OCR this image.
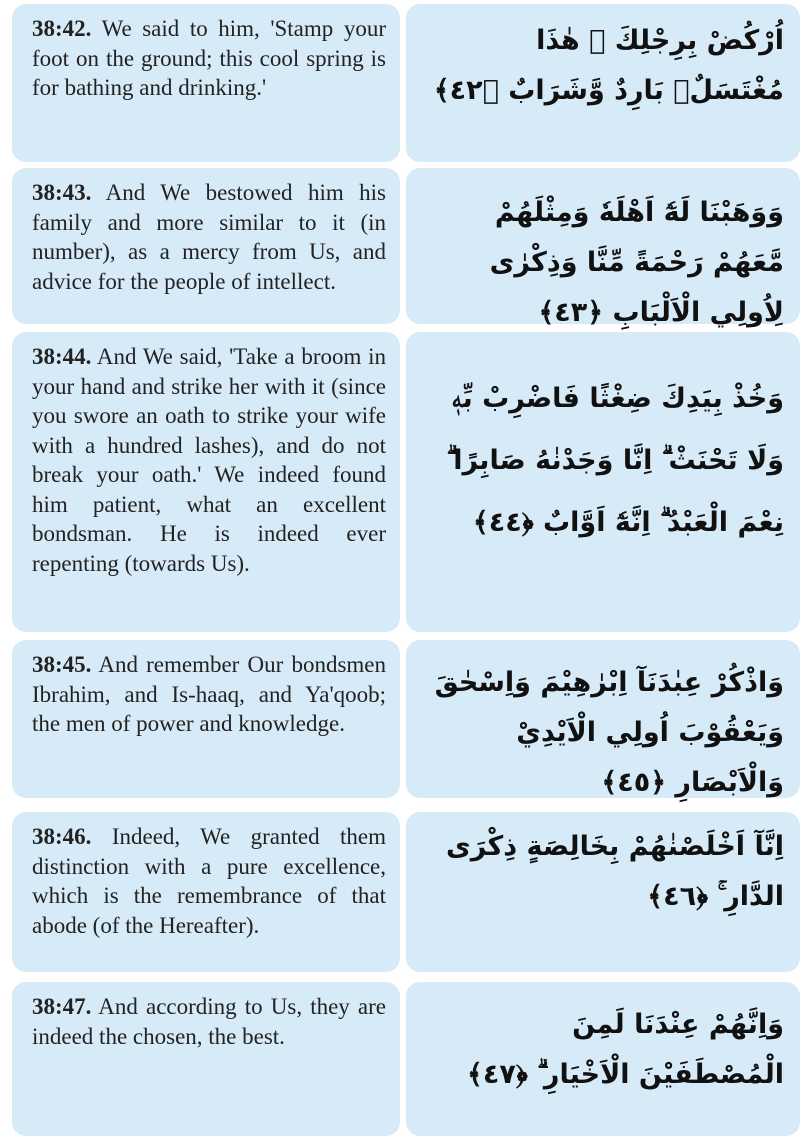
38:42. We said to him, 'Stamp your foot on the ground; this cool spring is for bathing and drinking.'

اُرْكُضْ بِرِجْلِكَ ۚ هٰذَا مُغْتَسَلٌۢ بَارِدٌ وَّشَرَابٌ ﴿٤٢﴾

38:43. And We bestowed him his family and more similar to it (in number), as a mercy from Us, and advice for the people of intellect.

وَوَهَبْنَا لَهٗٓ اَهْلَهٗ وَمِثْلَهُمْ مَّعَهُمْ رَحْمَةً مِّنَّا وَذِكْرٰى لِاُولِي الْاَلْبَابِ ﴿٤٣﴾

38:44. And We said, 'Take a broom in your hand and strike her with it (since you swore an oath to strike your wife with a hundred lashes), and do not break your oath.' We indeed found him patient, what an excellent bondsman. He is indeed ever repenting (towards Us).

وَخُذْ بِيَدِكَ ضِغْثًا فَاضْرِبْ بِّهٖ وَلَا تَحْنَثْ ۗ اِنَّا وَجَدْنٰهُ صَابِرًا ۗ نِعْمَ الْعَبْدُ ۗ اِنَّهٗٓ اَوَّابٌ ﴿٤٤﴾

38:45. And remember Our bondsmen Ibrahim, and Is-haaq, and Ya'qoob; the men of power and knowledge.

وَاذْكُرْ عِبٰدَنَآ اِبْرٰهِيْمَ وَاِسْحٰقَ وَيَعْقُوْبَ اُولِي الْاَيْدِيْ وَالْاَبْصَارِ ﴿٤٥﴾

38:46. Indeed, We granted them distinction with a pure excellence, which is the remembrance of that abode (of the Hereafter).

اِنَّآ اَخْلَصْنٰهُمْ بِخَالِصَةٍ ذِكْرَى الدَّارِ ۚ ﴿٤٦﴾

38:47. And according to Us, they are indeed the chosen, the best.	وَاِنَّهُمْ عِنْدَنَا لَمِنَ الْمُصْطَفَيْنَ الْاَخْيَارِ ۗ ﴿٤٧﴾
